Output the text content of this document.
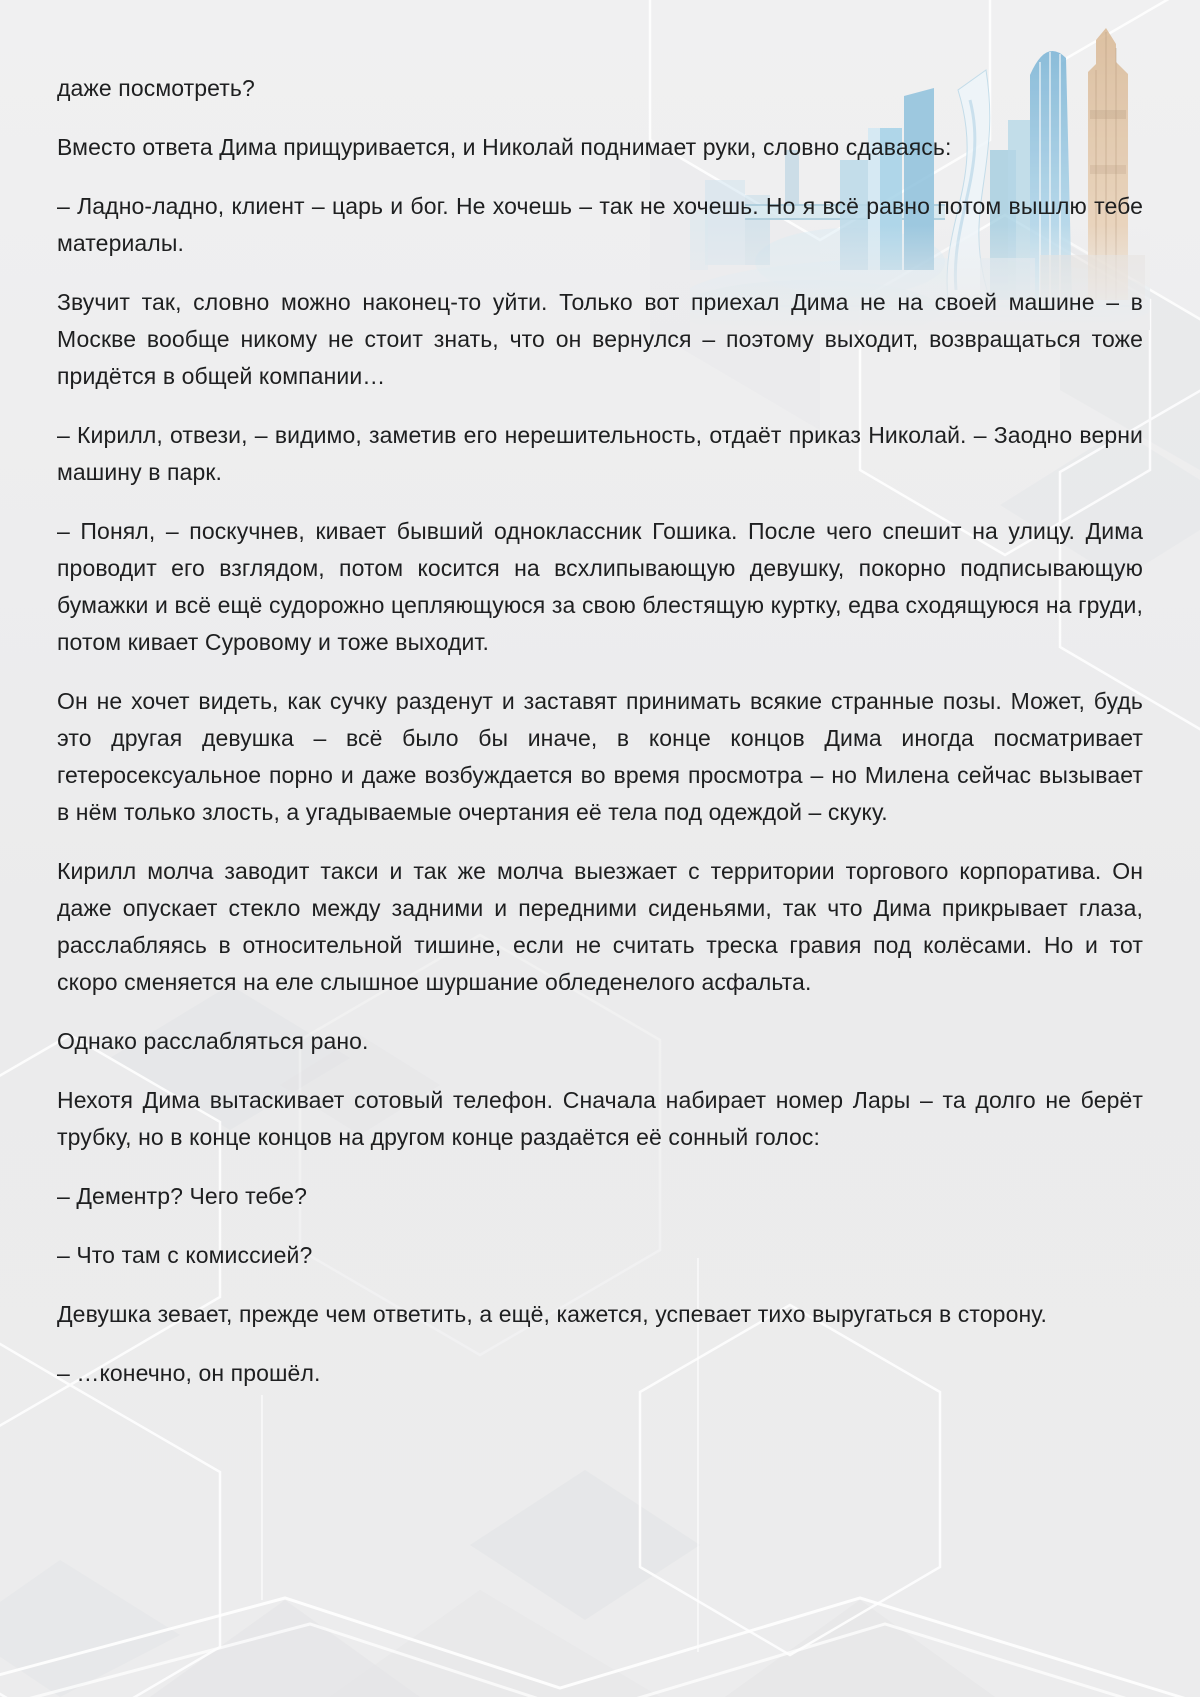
даже посмотреть?

Вместо ответа Дима прищуривается, и Николай поднимает руки, словно сдаваясь:

– Ладно-ладно, клиент – царь и бог. Не хочешь – так не хочешь. Но я всё равно потом вышлю тебе материалы.

Звучит так, словно можно наконец-то уйти. Только вот приехал Дима не на своей машине – в Москве вообще никому не стоит знать, что он вернулся – поэтому выходит, возвращаться тоже придётся в общей компании…

– Кирилл, отвези, – видимо, заметив его нерешительность, отдаёт приказ Николай. – Заодно верни машину в парк.

– Понял, – поскучнев, кивает бывший одноклассник Гошика. После чего спешит на улицу. Дима проводит его взглядом, потом косится на всхлипывающую девушку, покорно подписывающую бумажки и всё ещё судорожно цепляющуюся за свою блестящую куртку, едва сходящуюся на груди, потом кивает Суровому и тоже выходит.

Он не хочет видеть, как сучку разденут и заставят принимать всякие странные позы. Может, будь это другая девушка – всё было бы иначе, в конце концов Дима иногда посматривает гетеросексуальное порно и даже возбуждается во время просмотра – но Милена сейчас вызывает в нём только злость, а угадываемые очертания её тела под одеждой – скуку.

Кирилл молча заводит такси и так же молча выезжает с территории торгового корпоратива. Он даже опускает стекло между задними и передними сиденьями, так что Дима прикрывает глаза, расслабляясь в относительной тишине, если не считать треска гравия под колёсами. Но и тот скоро сменяется на еле слышное шуршание обледенелого асфальта.

Однако расслабляться рано.

Нехотя Дима вытаскивает сотовый телефон. Сначала набирает номер Лары – та долго не берёт трубку, но в конце концов на другом конце раздаётся её сонный голос:

– Дементр? Чего тебе?

– Что там с комиссией?

Девушка зевает, прежде чем ответить, а ещё, кажется, успевает тихо выругаться в сторону.

– …конечно, он прошёл.
